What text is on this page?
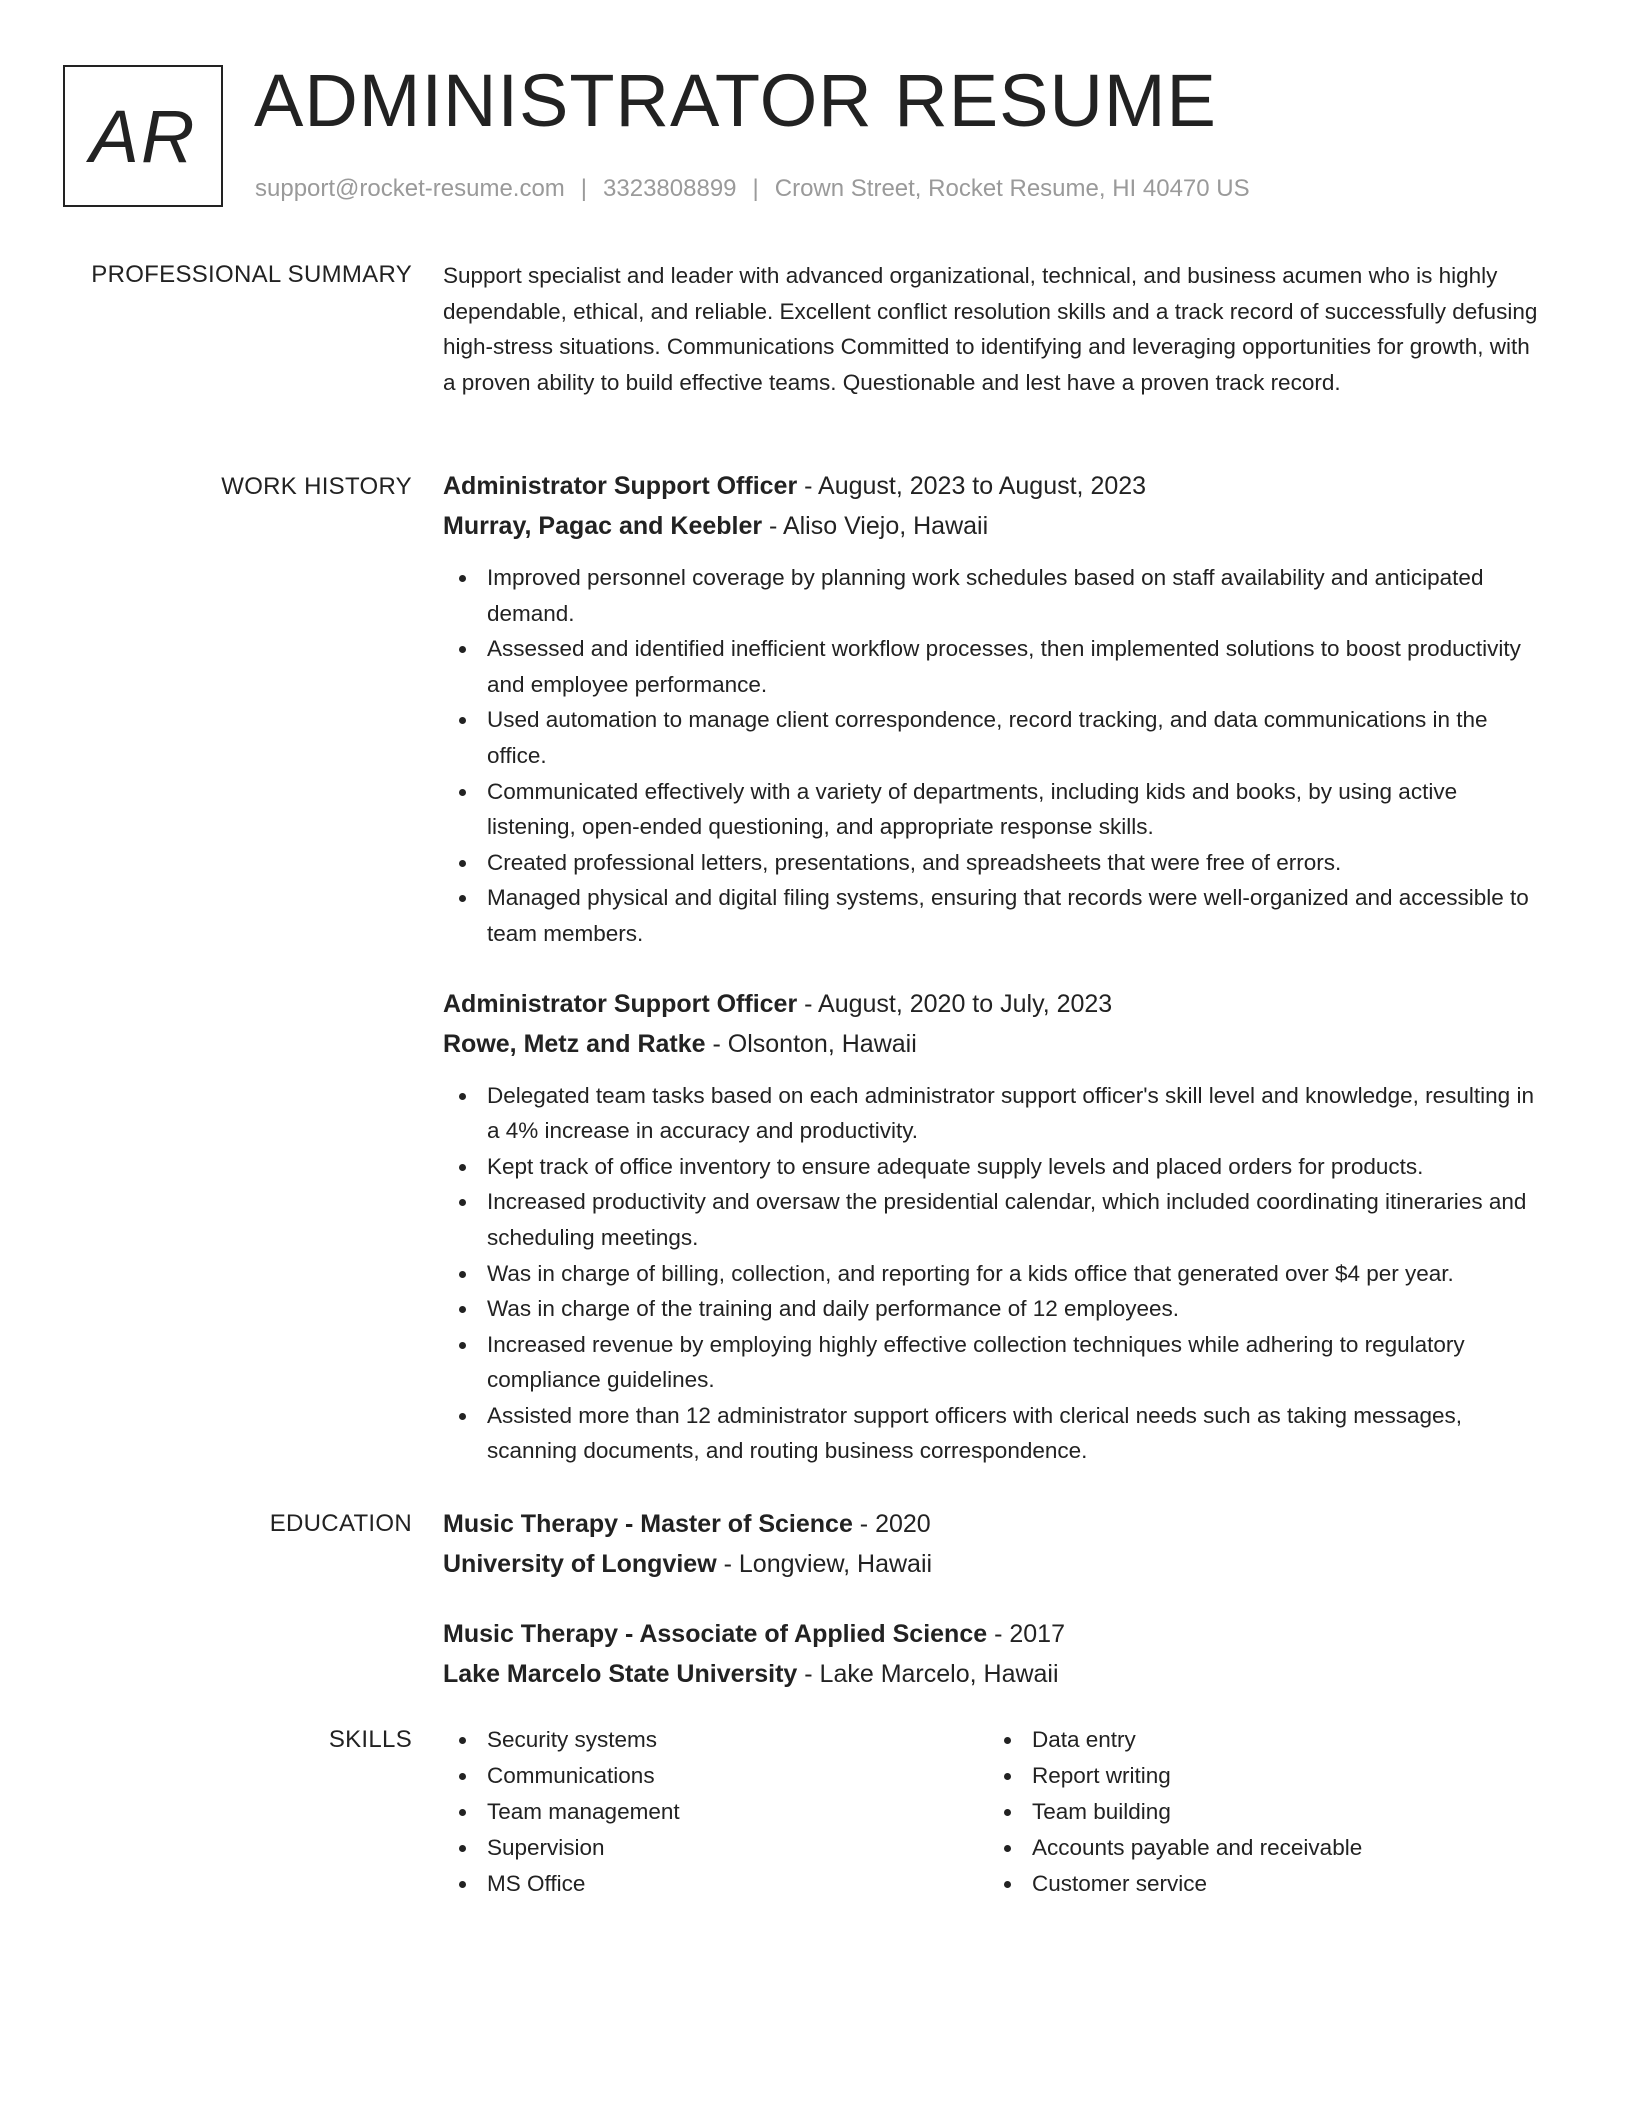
AR ADMINISTRATOR RESUME
support@rocket-resume.com | 3323808899 | Crown Street, Rocket Resume, HI 40470 US
PROFESSIONAL SUMMARY Support specialist and leader with advanced organizational, technical, and business acumen who is highly dependable, ethical, and reliable. Excellent conflict resolution skills and a track record of successfully defusing high-stress situations. Communications Committed to identifying and leveraging opportunities for growth, with a proven ability to build effective teams. Questionable and lest have a proven track record.

WORK HISTORY Administrator Support Officer - August, 2023 to August, 2023
Murray, Pagac and Keebler - Aliso Viejo, Hawaii
Improved personnel coverage by planning work schedules based on staff availability and anticipated demand.
Assessed and identified inefficient workflow processes, then implemented solutions to boost productivity and employee performance.
Used automation to manage client correspondence, record tracking, and data communications in the office.
Communicated effectively with a variety of departments, including kids and books, by using active listening, open-ended questioning, and appropriate response skills.
Created professional letters, presentations, and spreadsheets that were free of errors.
Managed physical and digital filing systems, ensuring that records were well-organized and accessible to team members.
Administrator Support Officer - August, 2020 to July, 2023
Rowe, Metz and Ratke - Olsonton, Hawaii
Delegated team tasks based on each administrator support officer's skill level and knowledge, resulting in a 4% increase in accuracy and productivity.
Kept track of office inventory to ensure adequate supply levels and placed orders for products.
Increased productivity and oversaw the presidential calendar, which included coordinating itineraries and scheduling meetings.
Was in charge of billing, collection, and reporting for a kids office that generated over $4 per year.
Was in charge of the training and daily performance of 12 employees.
Increased revenue by employing highly effective collection techniques while adhering to regulatory compliance guidelines.
Assisted more than 12 administrator support officers with clerical needs such as taking messages, scanning documents, and routing business correspondence.
EDUCATION Music Therapy - Master of Science - 2020
University of Longview - Longview, Hawaii
Music Therapy - Associate of Applied Science - 2017
Lake Marcelo State University - Lake Marcelo, Hawaii
SKILLS	Security systems
Communications
Team management
Supervision
MS Office
Data entry
Report writing
Team building
Accounts payable and receivable
Customer service
